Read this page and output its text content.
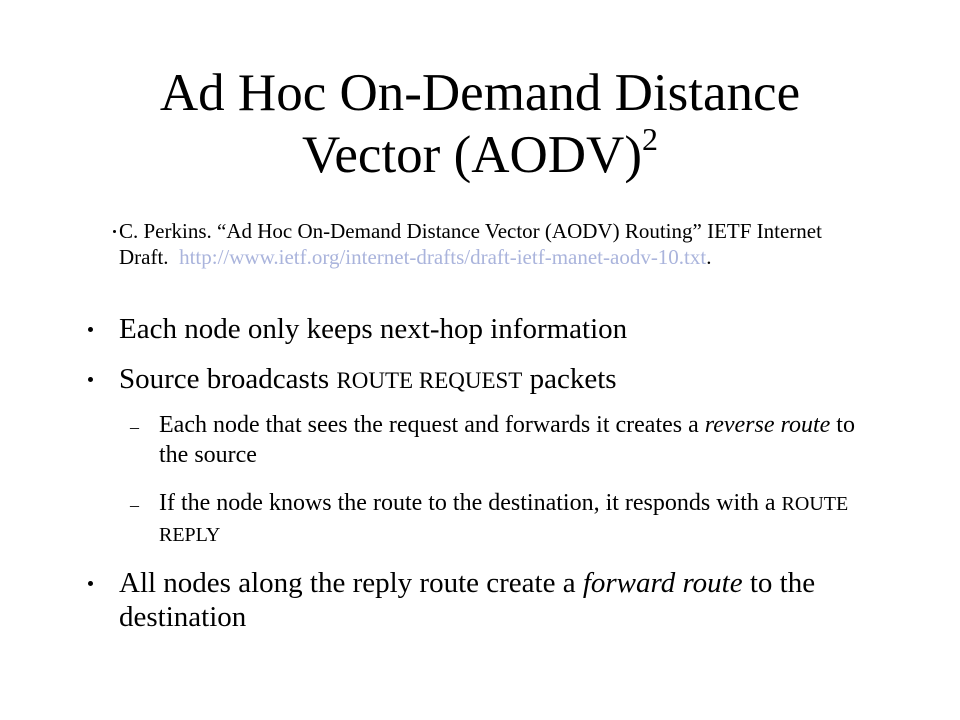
Ad Hoc On-Demand Distance
Vector (AODV)$^2$
C. Perkins. “Ad Hoc On-Demand Distance Vector (AODV) Routing” IETF Internet Draft. http://www.ietf.org/internet-drafts/draft-ietf-manet-aodv-10.txt.
Each node only keeps next-hop information
Source broadcasts ROUTE REQUEST packets
– Each node that sees the request and forwards it creates a reverse route to the source
– If the node knows the route to the destination, it responds with a ROUTE REPLY
All nodes along the reply route create a forward route to the destination
